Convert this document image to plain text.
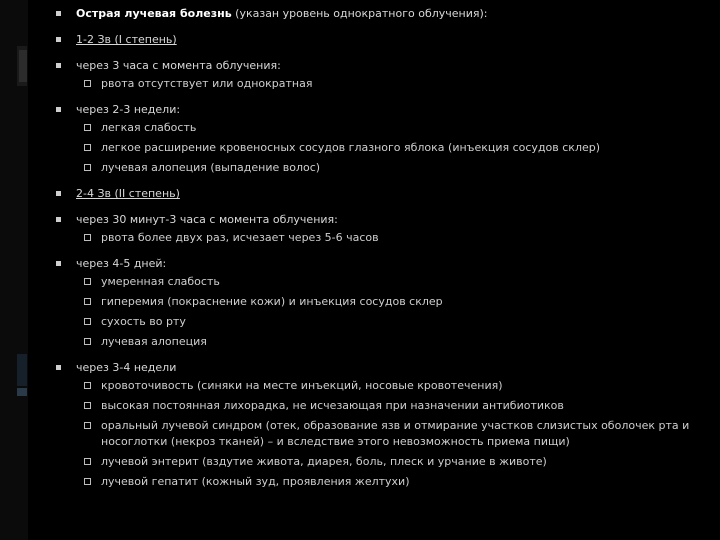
Острая лучевая болезнь (указан уровень однократного облучения):
1-2 Зв (I степень)
через 3 часа с момента облучения:
рвота отсутствует или однократная
через 2-3 недели:
легкая слабость
легкое расширение кровеносных сосудов глазного яблока (инъекция сосудов склер)
лучевая алопеция (выпадение волос)
2-4 Зв (II степень)
через 30 минут-3 часа с момента облучения:
рвота более двух раз, исчезает через 5-6 часов
через 4-5 дней:
умеренная слабость
гиперемия (покраснение кожи) и инъекция сосудов склер
сухость во рту
лучевая алопеция
через 3-4 недели
кровоточивость (синяки на месте инъекций, носовые кровотечения)
высокая постоянная лихорадка, не исчезающая при назначении антибиотиков
оральный лучевой синдром (отек, образование язв и отмирание участков слизистых оболочек рта и носоглотки (некроз тканей) – и вследствие этого невозможность приема пищи)
лучевой энтерит (вздутие живота, диарея, боль, плеск и урчание в животе)
лучевой гепатит (кожный зуд, проявления желтухи)
